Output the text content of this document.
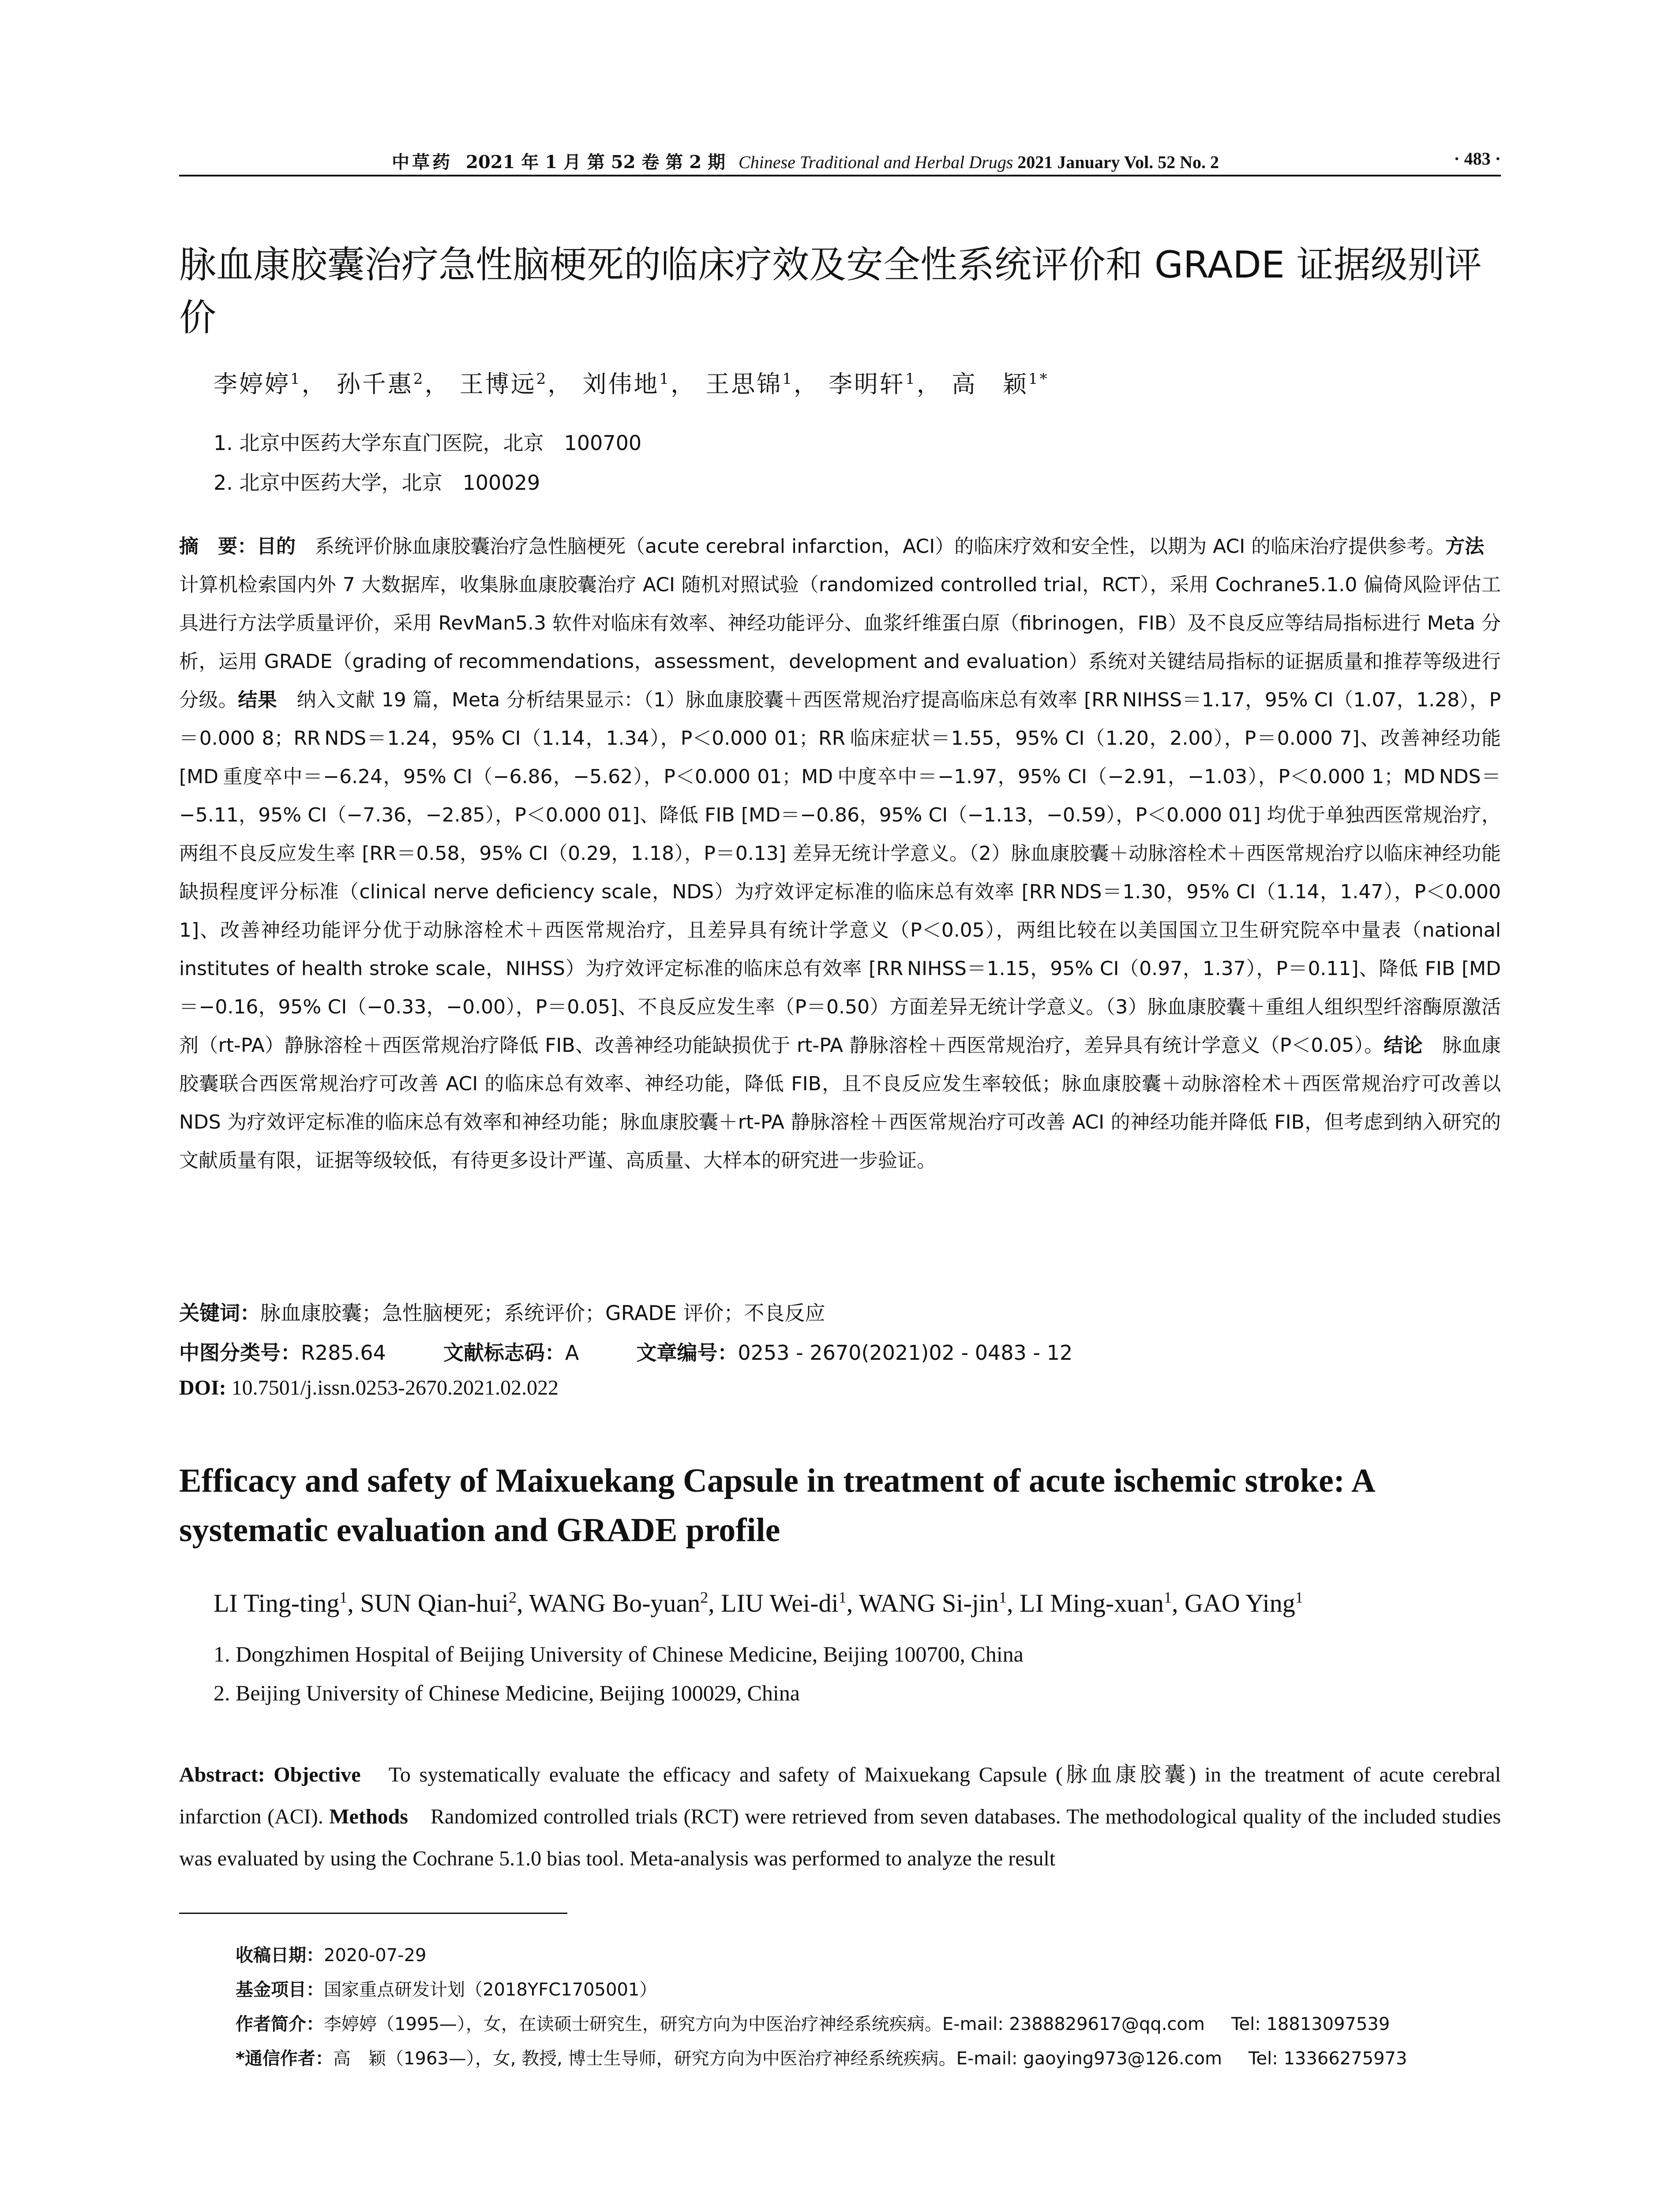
中草药 2021 年 1 月 第 52 卷 第 2 期 Chinese Traditional and Herbal Drugs 2021 January Vol. 52 No. 2	· 483 ·
脉血康胶囊治疗急性脑梗死的临床疗效及安全性系统评价和 GRADE 证据级别评价
李婷婷$^1$， 孙千惠$^2$， 王博远$^2$， 刘伟地$^1$， 王思锦$^1$， 李明轩$^1$， 高　颖$^{1*}$
1. 北京中医药大学东直门医院，北京　100700
2. 北京中医药大学，北京　100029
摘　要：目的　系统评价脉血康胶囊治疗急性脑梗死（acute cerebral infarction，ACI）的临床疗效和安全性，以期为 ACI 的临床治疗提供参考。方法　计算机检索国内外 7 大数据库，收集脉血康胶囊治疗 ACI 随机对照试验（randomized controlled trial，RCT），采用 Cochrane5.1.0 偏倚风险评估工具进行方法学质量评价，采用 RevMan5.3 软件对临床有效率、神经功能评分、血浆纤维蛋白原（fibrinogen，FIB）及不良反应等结局指标进行 Meta 分析，运用 GRADE（grading of recommendations，assessment，development and evaluation）系统对关键结局指标的证据质量和推荐等级进行分级。结果　纳入文献 19 篇，Meta 分析结果显示：（1）脉血康胶囊＋西医常规治疗提高临床总有效率 [RR NIHSS＝1.17，95% CI（1.07，1.28），P＝0.000 8；RR NDS＝1.24，95% CI（1.14，1.34），P＜0.000 01；RR 临床症状＝1.55，95% CI（1.20，2.00），P＝0.000 7]、改善神经功能 [MD 重度卒中＝−6.24，95% CI（−6.86，−5.62），P＜0.000 01；MD 中度卒中＝−1.97，95% CI（−2.91，−1.03），P＜0.000 1；MD NDS＝−5.11，95% CI（−7.36，−2.85），P＜0.000 01]、降低 FIB [MD＝−0.86，95% CI（−1.13，−0.59），P＜0.000 01] 均优于单独西医常规治疗，两组不良反应发生率 [RR＝0.58，95% CI（0.29，1.18），P＝0.13] 差异无统计学意义。（2）脉血康胶囊＋动脉溶栓术＋西医常规治疗以临床神经功能缺损程度评分标准（clinical nerve deficiency scale，NDS）为疗效评定标准的临床总有效率 [RR NDS＝1.30，95% CI（1.14，1.47），P＜0.000 1]、改善神经功能评分优于动脉溶栓术＋西医常规治疗，且差异具有统计学意义（P＜0.05），两组比较在以美国国立卫生研究院卒中量表（national institutes of health stroke scale，NIHSS）为疗效评定标准的临床总有效率 [RR NIHSS＝1.15，95% CI（0.97，1.37），P＝0.11]、降低 FIB [MD＝−0.16，95% CI（−0.33，−0.00），P＝0.05]、不良反应发生率（P＝0.50）方面差异无统计学意义。（3）脉血康胶囊＋重组人组织型纤溶酶原激活剂（rt-PA）静脉溶栓＋西医常规治疗降低 FIB、改善神经功能缺损优于 rt-PA 静脉溶栓＋西医常规治疗，差异具有统计学意义（P＜0.05）。结论　脉血康胶囊联合西医常规治疗可改善 ACI 的临床总有效率、神经功能，降低 FIB，且不良反应发生率较低；脉血康胶囊＋动脉溶栓术＋西医常规治疗可改善以 NDS 为疗效评定标准的临床总有效率和神经功能；脉血康胶囊＋rt-PA 静脉溶栓＋西医常规治疗可改善 ACI 的神经功能并降低 FIB，但考虑到纳入研究的文献质量有限，证据等级较低，有待更多设计严谨、高质量、大样本的研究进一步验证。
关键词：脉血康胶囊；急性脑梗死；系统评价；GRADE 评价；不良反应
中图分类号：R285.64	文献标志码：A	文章编号：0253 - 2670(2021)02 - 0483 - 12
DOI: 10.7501/j.issn.0253-2670.2021.02.022
Efficacy and safety of Maixuekang Capsule in treatment of acute ischemic stroke: A systematic evaluation and GRADE profile
LI Ting-ting$^1$, SUN Qian-hui$^2$, WANG Bo-yuan$^2$, LIU Wei-$di^1$, WANG Si-jin$^1$, LI Ming-xuan$^1$, GAO Ying$^1$
1. Dongzhimen Hospital of Beijing University of Chinese Medicine, Beijing 100700, China
2. Beijing University of Chinese Medicine, Beijing 100029, China
Abstract: Objective　To systematically evaluate the efficacy and safety of Maixuekang Capsule (脉血康胶囊) in the treatment of acute cerebral infarction (ACI). Methods　Randomized controlled trials (RCT) were retrieved from seven databases. The methodological quality of the included studies was evaluated by using the Cochrane 5.1.0 bias tool. Meta-analysis was performed to analyze the result
收稿日期：2020-07-29
基金项目：国家重点研发计划（2018YFC1705001）
作者简介：李婷婷（1995—），女，在读硕士研究生，研究方向为中医治疗神经系统疾病。E-mail: 2388829617@qq.com Tel: 18813097539
*通信作者：高　颖（1963—），女, 教授, 博士生导师，研究方向为中医治疗神经系统疾病。E-mail: gaoying973@126.com Tel: 13366275973
